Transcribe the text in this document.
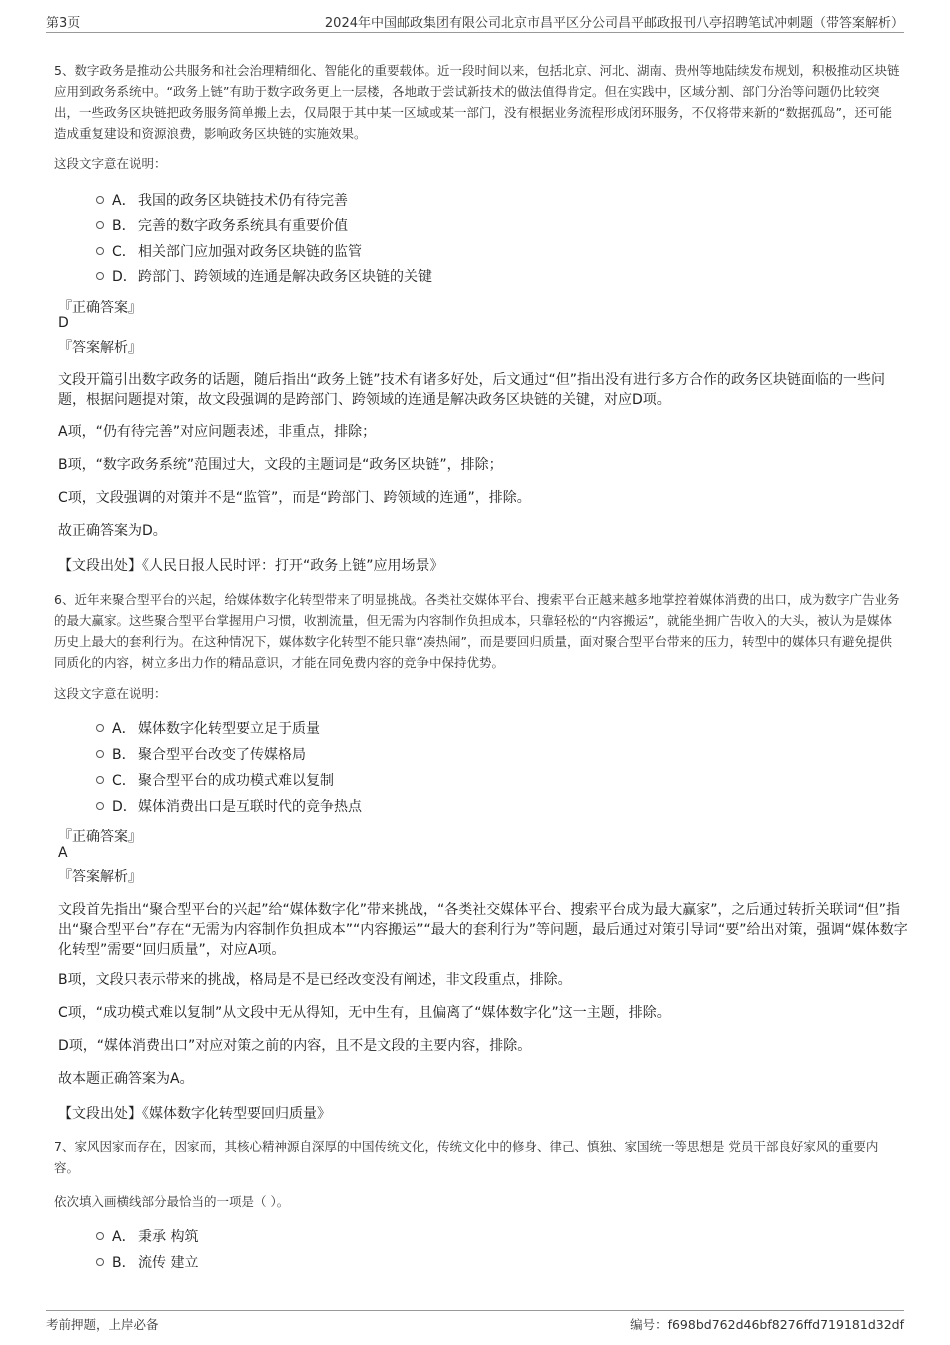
第3页	2024年中国邮政集团有限公司北京市昌平区分公司昌平邮政报刊八亭招聘笔试冲刺题（带答案解析）
5、数字政务是推动公共服务和社会治理精细化、智能化的重要载体。近一段时间以来，包括北京、河北、湖南、贵州等地陆续发布规划，积极推动区块链应用到政务系统中。“政务上链”有助于数字政务更上一层楼，各地敢于尝试新技术的做法值得肯定。但在实践中，区域分割、部门分治等问题仍比较突出，一些政务区块链把政务服务简单搬上去，仅局限于其中某一区域或某一部门，没有根据业务流程形成闭环服务，不仅将带来新的“数据孤岛”，还可能造成重复建设和资源浪费，影响政务区块链的实施效果。
这段文字意在说明：
A． 我国的政务区块链技术仍有待完善
B． 完善的数字政务系统具有重要价值
C． 相关部门应加强对政务区块链的监管
D．跨部门、跨领域的连通是解决政务区块链的关键
『正确答案』
D
『答案解析』
文段开篇引出数字政务的话题，随后指出“政务上链”技术有诸多好处，后文通过“但”指出没有进行多方合作的政务区块链面临的一些问题，根据问题提对策，故文段强调的是跨部门、跨领域的连通是解决政务区块链的关键，对应D项。
A项，“仍有待完善”对应问题表述，非重点，排除；
B项，“数字政务系统”范围过大，文段的主题词是“政务区块链”，排除；
C项，文段强调的对策并不是“监管”，而是“跨部门、跨领域的连通”，排除。
故正确答案为D。
【文段出处】《人民日报人民时评：打开“政务上链”应用场景》
6、近年来聚合型平台的兴起，给媒体数字化转型带来了明显挑战。各类社交媒体平台、搜索平台正越来越多地掌控着媒体消费的出口，成为数字广告业务的最大赢家。这些聚合型平台掌握用户习惯，收割流量，但无需为内容制作负担成本，只靠轻松的“内容搬运”，就能坐拥广告收入的大头，被认为是媒体历史上最大的套利行为。在这种情况下，媒体数字化转型不能只靠“凑热闹”，而是要回归质量，面对聚合型平台带来的压力，转型中的媒体只有避免提供同质化的内容，树立多出力作的精品意识，才能在同免费内容的竞争中保持优势。
这段文字意在说明：
A． 媒体数字化转型要立足于质量
B． 聚合型平台改变了传媒格局
C． 聚合型平台的成功模式难以复制
D．媒体消费出口是互联时代的竞争热点
『正确答案』
A
『答案解析』
文段首先指出“聚合型平台的兴起”给“媒体数字化”带来挑战，“各类社交媒体平台、搜索平台成为最大赢家”，之后通过转折关联词“但”指出“聚合型平台”存在“无需为内容制作负担成本”“内容搬运”“最大的套利行为”等问题，最后通过对策引导词“要”给出对策，强调“媒体数字化转型”需要“回归质量”，对应A项。
B项，文段只表示带来的挑战，格局是不是已经改变没有阐述，非文段重点，排除。
C项，“成功模式难以复制”从文段中无从得知，无中生有，且偏离了“媒体数字化”这一主题，排除。
D项，“媒体消费出口”对应对策之前的内容，且不是文段的主要内容，排除。
故本题正确答案为A。
【文段出处】《媒体数字化转型要回归质量》
7、家风因家而存在，因家而，其核心精神源自深厚的中国传统文化，传统文化中的修身、律己、慎独、家国统一等思想是 党员干部良好家风的重要内容。
依次填入画横线部分最恰当的一项是（ ）。
A． 秉承 构筑
B． 流传 建立
考前押题，上岸必备	编号：f698bd762d46bf8276ffd719181d32df
